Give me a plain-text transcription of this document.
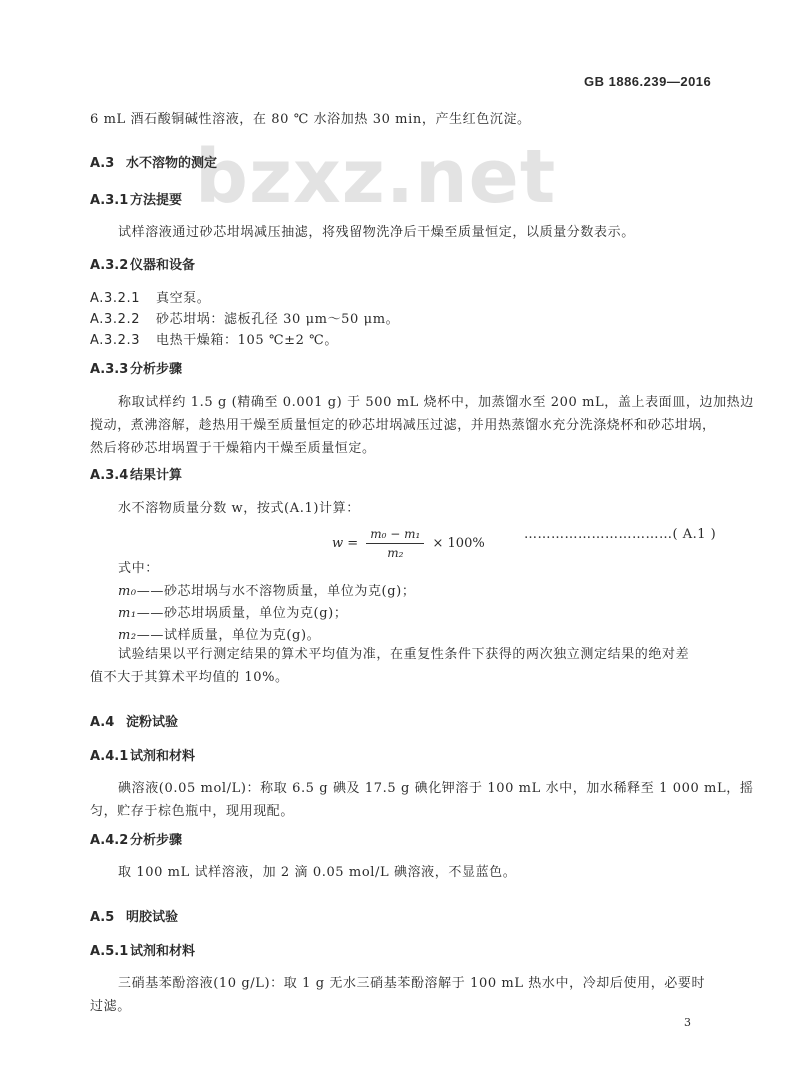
GB 1886.239—2016
bzxz.net
6 mL 酒石酸铜碱性溶液，在 80 ℃ 水浴加热 30 min，产生红色沉淀。
A.3 水不溶物的测定
A.3.1 方法提要
试样溶液通过砂芯坩埚减压抽滤，将残留物洗净后干燥至质量恒定，以质量分数表示。
A.3.2 仪器和设备
A.3.2.1 真空泵。
A.3.2.2 砂芯坩埚：滤板孔径 30 μm～50 μm。
A.3.2.3 电热干燥箱：105 ℃±2 ℃。
A.3.3 分析步骤
称取试样约 1.5 g (精确至 0.001 g) 于 500 mL 烧杯中，加蒸馏水至 200 mL，盖上表面皿，边加热边
搅动，煮沸溶解，趁热用干燥至质量恒定的砂芯坩埚减压过滤，并用热蒸馏水充分洗涤烧杯和砂芯坩埚，
然后将砂芯坩埚置于干燥箱内干燥至质量恒定。
A.3.4 结果计算
水不溶物质量分数 w，按式(A.1)计算：
$w = \frac{\text{m₀ − m₁}}{\text{m₂}} \times 100\%$
……………………………( A.1 )
式中：
m₀——砂芯坩埚与水不溶物质量，单位为克(g)；
m₁——砂芯坩埚质量，单位为克(g)；
m₂——试样质量，单位为克(g)。
试验结果以平行测定结果的算术平均值为准，在重复性条件下获得的两次独立测定结果的绝对差
值不大于其算术平均值的 10%。
A.4 淀粉试验
A.4.1 试剂和材料
碘溶液(0.05 mol/L)：称取 6.5 g 碘及 17.5 g 碘化钾溶于 100 mL 水中，加水稀释至 1 000 mL，摇
匀，贮存于棕色瓶中，现用现配。
A.4.2 分析步骤
取 100 mL 试样溶液，加 2 滴 0.05 mol/L 碘溶液，不显蓝色。
A.5 明胶试验
A.5.1 试剂和材料
三硝基苯酚溶液(10 g/L)：取 1 g 无水三硝基苯酚溶解于 100 mL 热水中，冷却后使用，必要时
过滤。
3
